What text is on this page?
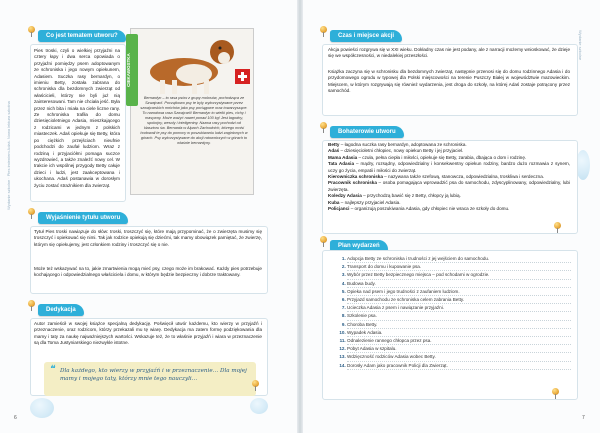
Wydanie szkolne · Pies imieniem Adaś. Nowa lektura szkolna
6
Co jest tematem utworu?
Pies troski, czyli o wielkiej przyjaźni na cztery łapy i dwa serca opowiada o przyjaźni pomiędzy psem adoptowanym ze schroniska i jego nowym opiekunem, Adasiem. Suczka rasy bernardyn, o imieniu Betty, została zabrana do schroniska dla bezdomnych zwierząt od właścicieli, którzy nie byli już nią zainteresowani. Tam nie chciała jeść. Była przez nich bita i miała na ciele liczne rany. Ze schroniska trafiła do domu dziesięcioletniego Adasia, mieszkającego z rodzicami w jednym z polskich miasteczek. Adaś opiekuje się Betty, która po ciężkich przejściach nieufnie podchodzi do zaufał ludziom. Wraz z rodziną i przyjaciółmi pomaga suczce wyzdrowieć, a także znaleźć nowy cel. W trakcie ich wspólnej przygody Betty całuje dzieci i ludzi, jest zaakceptowana i ukochana. Adaś postanawia w dorosłym życiu zostać strażnikiem dla zwierząt.
CIEKAWOSTKA
Bernardyn – to rasa psów z grupy molosów, pochodząca ze Szwajcarii. Początkowo psy te były wykorzystywane przez szwajcarskich mnichów jako psy pociągowe oraz towarzyszące. To narodowa rasa Szwajcarii! Bernardyn to wielki pies, cichy i masywny. Może ważyć nawet ponad 100 kg! Jest łagodny, spokojny, wesoły i inteligentny. Nazwa rasy pochodzi od klasztoru św. Bernarda w Alpach Zachodnich, którego mnisi hodowali te psy do pomocy w poszukiwaniu ludzi zaginionych w górach. Psy wykorzystywane do akcji ratowniczych w górach to właśnie bernardyny.
Wyjaśnienie tytułu utworu
Tytuł Pies troski nawiązuje do słów: troski, troszczyć się, które mają przypominać, że o zwierzęta musimy się troszczyć i opiekować się nimi. Tak jak rodzice opiekują się dziećmi, tak mamy obowiązek pamiętać, że zwierzę, którym się opiekujemy, jest członkiem rodziny i troszczyć się o nie.
Może też wskazywać na to, jakie zmartwienia mogą mieć psy, czego może im brakować. Każdy pies potrzebuje kochającego i odpowiedzialnego właściciela i domu, w którym będzie bezpieczny i dobrze traktowany.
Dedykacja
Autor zamieścił w swojej książce specjalną dedykację. Poświęcił utwór każdemu, kto wierzy w przyjaźń i przeznaczenie, oraz rodzicom, którzy przekazali mu tę wiarę. Dedykacja ma zatem formę podziękowania dla mamy i taty za naukę najważniejszych wartości. Wskazuje też, że to właśnie przyjaźń i wiara w przeznaczenie są dla Toma Justyniarskiego niezwykle istotne.
❝	Dla każdego, kto wierzy w przyjaźń i w przeznaczenie… Dla mojej mamy i mojego taty, którzy mnie tego nauczyli…
Wydanie szkolne
7
Czas i miejsce akcji
Akcja powieści rozgrywa się w XXI wieku. Dokładny czas nie jest podany, ale z narracji możemy wnioskować, że dzieje się we współczesności, w niedalekiej przeszłości.
Książka zaczyna się w schronisku dla bezdomnych zwierząt, następnie przenosi się do domu rodzinnego Adasia i do przydomowego ogrodu w typowej dla Polski miejscowości na terenie Puszczy Białej w województwie mazowieckim. Miejscem, w którym rozgrywają się również wydarzenia, jest droga do szkoły, na której Adaś zostaje potrącony przez samochód.
Bohaterowie utworu

Betty – łagodna suczka rasy bernardyn, adoptowana ze schroniska.

Adaś – dziesięcioletni chłopiec, nowy opiekun Betty i jej przyjaciel.

Mama Adasia – czuła, pełna ciepła i miłości, opiekuje się Betty, zarabia, dbająca o dom i rodzinę.

Tata Adasia – mądry, rozsądny, odpowiedzialny i konsekwentny opiekun rodziny, bardzo dużo rozmawia z synem, uczy go życia, empatii i miłości do zwierząt.

Kierowniczka schroniska – nazywana także szefową, stanowcza, odpowiedzialna, troskliwa i serdeczna.

Pracownik schroniska – osoba pomagająca wprowadzić psa do samochodu, zdyscyplinowany, odpowiedzialny, lubi zwierzęta.

Koledzy Adasia – przychodzą bawić się z Betty, chłopcy ją lubią.

Kuba – najlepszy przyjaciel Adasia.

Policjanci – organizują poszukiwania Adasia, gdy chłopiec nie wraca ze szkoły do domu.

Plan wydarzeń
1. Adopcja Betty ze schroniska i trudności z jej wejściem do samochodu.
2. Transport do domu i kupowanie psa.
3. Wybór przez Betty bezpiecznego miejsca – pod schodami w ogrodzie.
4. Budowa budy.
5. Opieka nad psem i jego trudności z zaufaniem ludziom.
6. Przyjazd samochodu ze schroniska celem zabrania Betty.
7. Ucieczka Adasia z psem i nawiązanie przyjaźni.
8. Szkolenie psa.
9. Choroba Betty.
10. Wypadek Adasia.
11. Odnalezienie rannego chłopca przez psa.
12. Pobyt Adasia w szpitalu.
13. Wdzięczność rodziców Adasia wobec Betty.
14. Dorosły Adam jako pracownik Policji dla Zwierząt.
